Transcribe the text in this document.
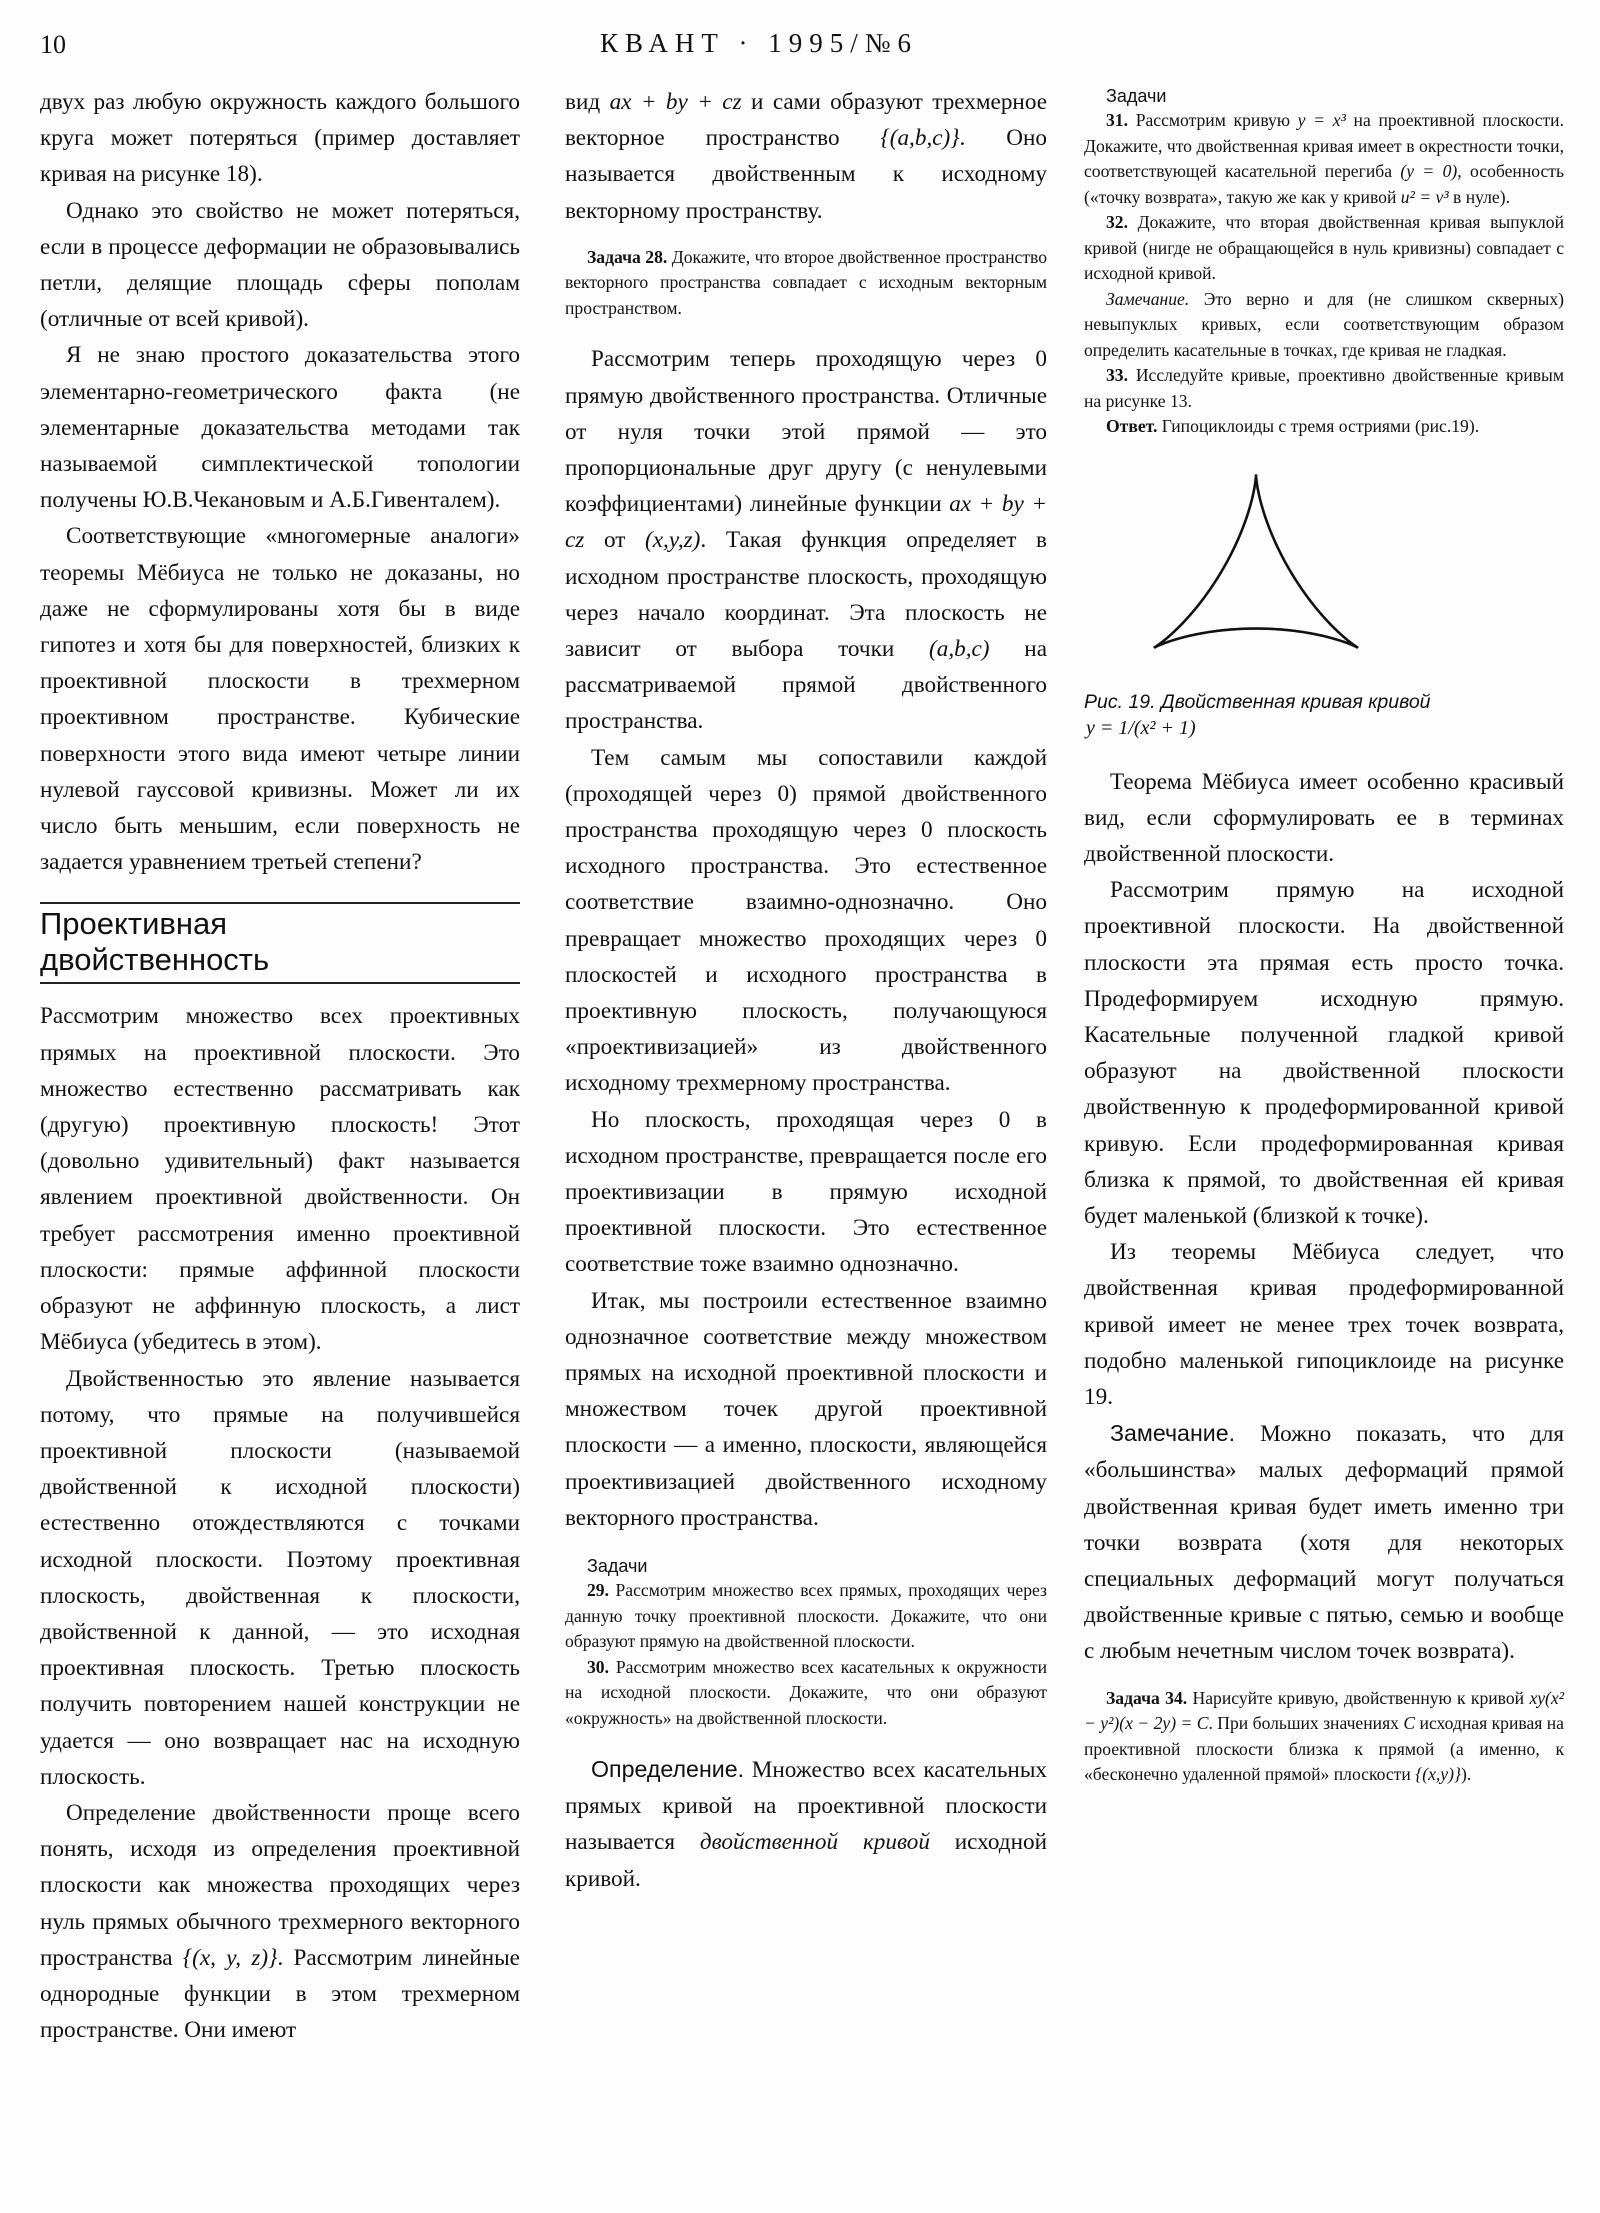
10	КВАНТ · 1995/№6

двух раз любую окружность каждого большого круга может потеряться (пример доставляет кривая на рисунке 18).

Однако это свойство не может потеряться, если в процессе деформации не образовывались петли, делящие площадь сферы пополам (отличные от всей кривой).

Я не знаю простого доказательства этого элементарно-геометрического факта (не элементарные доказательства методами так называемой симплектической топологии получены Ю.В.Чекановым и А.Б.Гивенталем).

Соответствующие «многомерные аналоги» теоремы Мёбиуса не только не доказаны, но даже не сформулированы хотя бы в виде гипотез и хотя бы для поверхностей, близких к проективной плоскости в трехмерном проективном пространстве. Кубические поверхности этого вида имеют четыре линии нулевой гауссовой кривизны. Может ли их число быть меньшим, если поверхность не задается уравнением третьей степени?

Проективная
двойственность

Рассмотрим множество всех проективных прямых на проективной плоскости. Это множество естественно рассматривать как (другую) проективную плоскость! Этот (довольно удивительный) факт называется явлением проективной двойственности. Он требует рассмотрения именно проективной плоскости: прямые аффинной плоскости образуют не аффинную плоскость, а лист Мёбиуса (убедитесь в этом).

Двойственностью это явление называется потому, что прямые на получившейся проективной плоскости (называемой двойственной к исходной плоскости) естественно отождествляются с точками исходной плоскости. Поэтому проективная плоскость, двойственная к плоскости, двойственной к данной, — это исходная проективная плоскость. Третью плоскость получить повторением нашей конструкции не удается — оно возвращает нас на исходную плоскость.

Определение двойственности проще всего понять, исходя из определения проективной плоскости как множества проходящих через нуль прямых обычного трехмерного векторного пространства {(x, y, z)}. Рассмотрим линейные однородные функции в этом трехмерном пространстве. Они имеют

вид ax + by + cz и сами образуют трехмерное векторное пространство {(a,b,c)}. Оно называется двойственным к исходному векторному пространству.

Задача 28. Докажите, что второе двойственное пространство векторного пространства совпадает с исходным векторным пространством.

Рассмотрим теперь проходящую через 0 прямую двойственного пространства. Отличные от нуля точки этой прямой — это пропорциональные друг другу (с ненулевыми коэффициентами) линейные функции ax + by + cz от (x,y,z). Такая функция определяет в исходном пространстве плоскость, проходящую через начало координат. Эта плоскость не зависит от выбора точки (a,b,c) на рассматриваемой прямой двойственного пространства.

Тем самым мы сопоставили каждой (проходящей через 0) прямой двойственного пространства проходящую через 0 плоскость исходного пространства. Это естественное соответствие взаимно-однозначно. Оно превращает множество проходящих через 0 плоскостей и исходного пространства в проективную плоскость, получающуюся «проективизацией» из двойственного исходному трехмерному пространства.

Но плоскость, проходящая через 0 в исходном пространстве, превращается после его проективизации в прямую исходной проективной плоскости. Это естественное соответствие тоже взаимно однозначно.

Итак, мы построили естественное взаимно однозначное соответствие между множеством прямых на исходной проективной плоскости и множеством точек другой проективной плоскости — а именно, плоскости, являющейся проективизацией двойственного исходному векторного пространства.

Задачи

29. Рассмотрим множество всех прямых, проходящих через данную точку проективной плоскости. Докажите, что они образуют прямую на двойственной плоскости.

30. Рассмотрим множество всех касательных к окружности на исходной плоскости. Докажите, что они образуют «окружность» на двойственной плоскости.

Определение. Множество всех касательных прямых кривой на проективной плоскости называется двойственной кривой исходной кривой.

Задачи

31. Рассмотрим кривую y = x³ на проективной плоскости. Докажите, что двойственная кривая имеет в окрестности точки, соответствующей касательной перегиба (y = 0), особенность («точку возврата», такую же как у кривой u² = v³ в нуле).

32. Докажите, что вторая двойственная кривая выпуклой кривой (нигде не обращающейся в нуль кривизны) совпадает с исходной кривой.

Замечание. Это верно и для (не слишком скверных) невыпуклых кривых, если соответствующим образом определить касательные в точках, где кривая не гладкая.

33. Исследуйте кривые, проективно двойственные кривым на рисунке 13.

Ответ. Гипоциклоиды с тремя остриями (рис.19).

Рис. 19. Двойственная кривая кривой

y = 1/(x² + 1)

Теорема Мёбиуса имеет особенно красивый вид, если сформулировать ее в терминах двойственной плоскости.

Рассмотрим прямую на исходной проективной плоскости. На двойственной плоскости эта прямая есть просто точка. Продеформируем исходную прямую. Касательные полученной гладкой кривой образуют на двойственной плоскости двойственную к продеформированной кривой кривую. Если продеформированная кривая близка к прямой, то двойственная ей кривая будет маленькой (близкой к точке).

Из теоремы Мёбиуса следует, что двойственная кривая продеформированной кривой имеет не менее трех точек возврата, подобно маленькой гипоциклоиде на рисунке 19.

Замечание. Можно показать, что для «большинства» малых деформаций прямой двойственная кривая будет иметь именно три точки возврата (хотя для некоторых специальных деформаций могут получаться двойственные кривые с пятью, семью и вообще с любым нечетным числом точек возврата).

Задача 34. Нарисуйте кривую, двойственную к кривой xy(x² − y²)(x − 2y) = C. При больших значениях C исходная кривая на проективной плоскости близка к прямой (а именно, к «бесконечно удаленной прямой» плоскости {(x,y)}).
